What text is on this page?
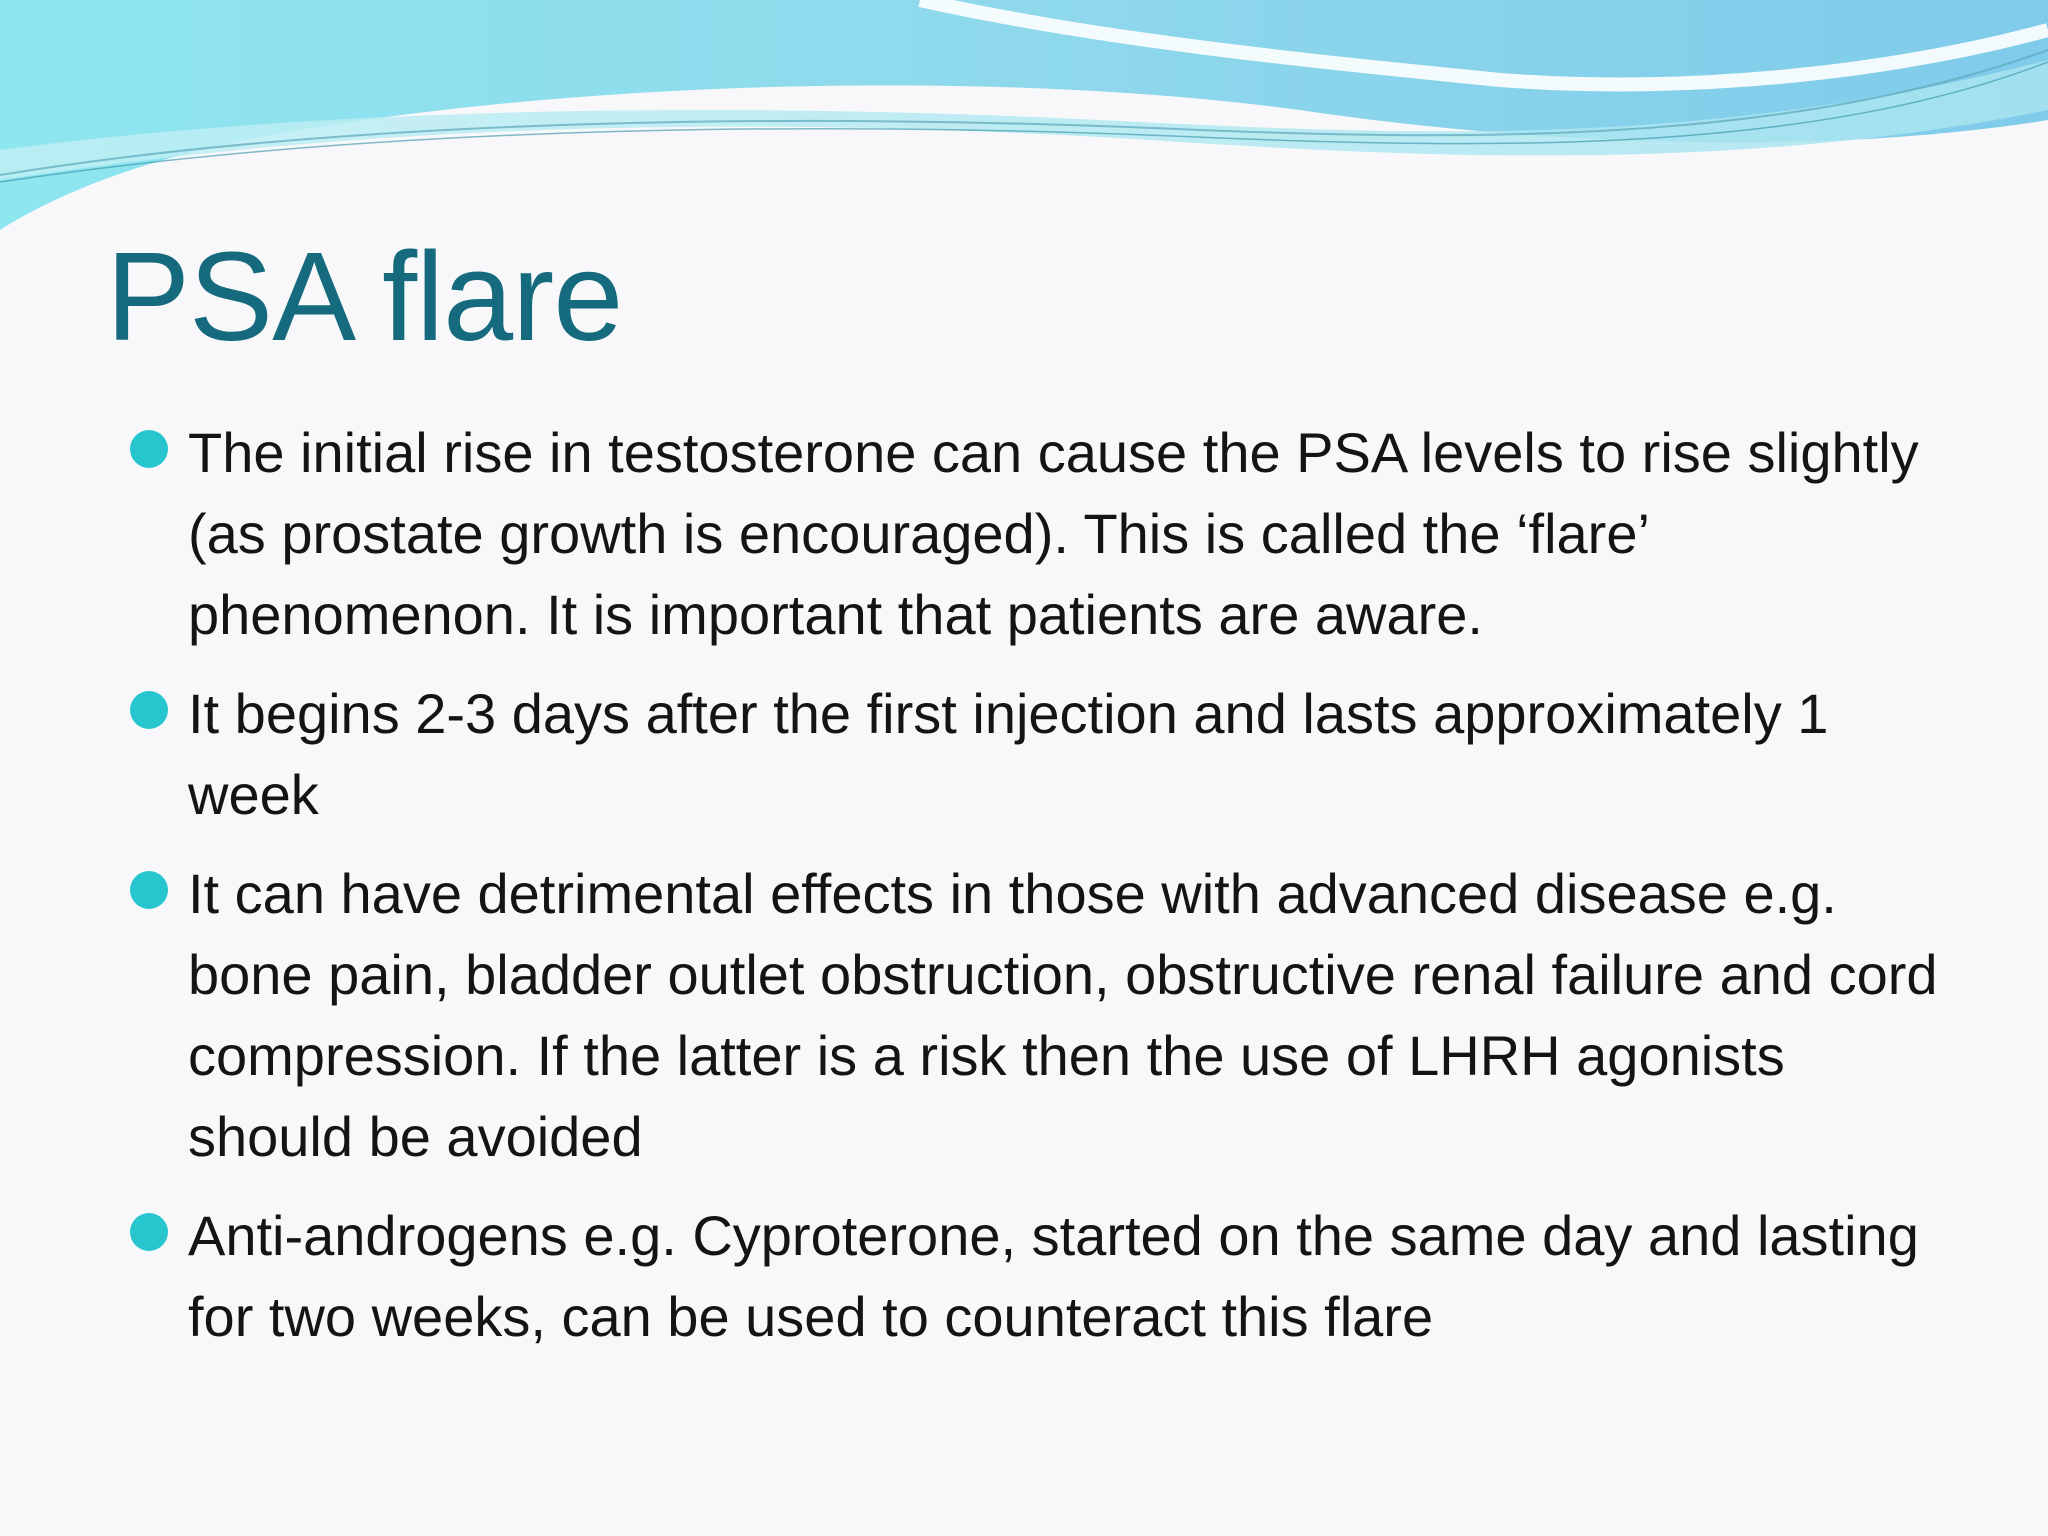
PSA flare
The initial rise in testosterone can cause the PSA levels to rise slightly (as prostate growth is encouraged). This is called the ‘flare’ phenomenon. It is important that patients are aware.
It begins 2-3 days after the first injection and lasts approximately 1 week
It can have detrimental effects in those with advanced disease e.g. bone pain, bladder outlet obstruction, obstructive renal failure and cord compression. If the latter is a risk then the use of LHRH agonists should be avoided
Anti-androgens e.g. Cyproterone, started on the same day and lasting for two weeks, can be used to counteract this flare
